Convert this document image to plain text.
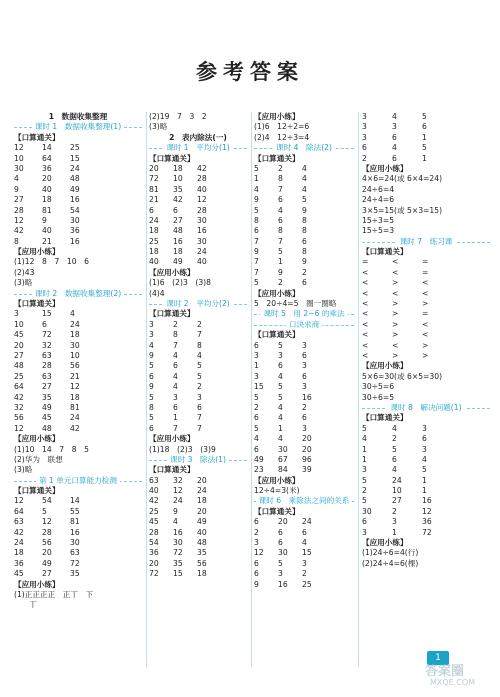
参考答案
1　数据收集整理
课时 1　数据收集整理(1)
【口算通关】
12	14	25
10	64	15
30	36	24
4	20	48
9	40	49
27	18	16
28	81	54
12	9	30
42	40	36
8	21	16
【应用小练】
(1)12　8　7　10　6
(2)43
(3)略
课时 2　数据收集整理(2)
【口算通关】
3	15	4
10	6	24
45	72	18
20	32	30
27	63	10
48	28	56
25	63	21
64	27	12
42	35	18
32	49	81
56	45	24
12	48	42
【应用小练】
(1)10　14　7　8　5
(2)华为　联想
(3)略
第 1 单元口算能力检测
【口算通关】
12	54	14
64	5	55
63	12	81
42	28	16
24	56	30
18	20	63
36	49	72
45	27	35
【应用小练】
(1)正正正正　正丅　下
　　丅
(2)19　7　3　2
(3)略
2　表内除法(一)
课时 1　平均分(1)
【口算通关】
20	18	42
72	10	28
81	35	40
21	42	12
6	6	28
24	27	30
18	48	16
25	16	30
18	18	24
40	49	40
【应用小练】
(1)6　(2)3　(3)8
(4)4
课时 2　平均分(2)
【口算通关】
3	2	2
3	8	7
4	7	8
9	4	4
5	6	5
6	4	5
9	4	2
5	3	3
8	6	6
5	1	7
6	7	7
【应用小练】
(1)18　(2)3　(3)9
课时 3　除法(1)
【口算通关】
63	32	20
40	12	24
42	24	18
25	9	20
45	4	49
28	16	40
54	30	48
36	72	35
20	35	56
72	15	18
【应用小练】
(1)6　12÷2=6
(2)4　12÷3=4
课时 4　除法(2)
【口算通关】
5	2	4
1	8	4
4	7	4
9	6	5
5	4	9
8	6	8
6	8	8
7	7	6
9	5	8
7	1	9
7	9	2
5	2	6
【应用小练】
5　20÷4=5　圈一圈略
课时 5　用 2~6 的乘法
口诀求商
【口算通关】
6	5	3
3	3	6
1	6	3
3	4	6
15	5	3
5	5	16
2	4	2
6	4	6
5	1	3
4	4	20
6	30	20
49	67	96
23	84	39
【应用小练】
12÷4=3(米)
课时 6　乘除法之间的关系
【口算通关】
6	20	24
2	6	6
3	6	4
12	30	15
6	5	3
6	3	2
9	16	25
3	4	5
3	3	6
3	6	1
6	4	5
2	6	1
【应用小练】
4×6=24(或 6×4=24)
24÷6=4
24÷4=6
3×5=15(或 5×3=15)
15÷3=5
15÷5=3
课时 7　练习课
【口算通关】
=	<	=
<	<	=
<	>	<
<	<	<
<	>	>
<	>	=
<	>	<
<	>	<
<	<	>
<	>	>
【应用小练】
5×6=30(或 6×5=30)
30÷5=6
30÷6=5
课时 8　解决问题(1)
【口算通关】
5	4	3
4	2	6
1	5	3
1	6	4
3	4	5
5	24	1
2	10	1
5	27	16
30	2	12
6	3	36
3	1	72
【应用小练】
(1)24÷6=4(行)
(2)24÷4=6(棵)
1
答案圈
MXQE.COM
